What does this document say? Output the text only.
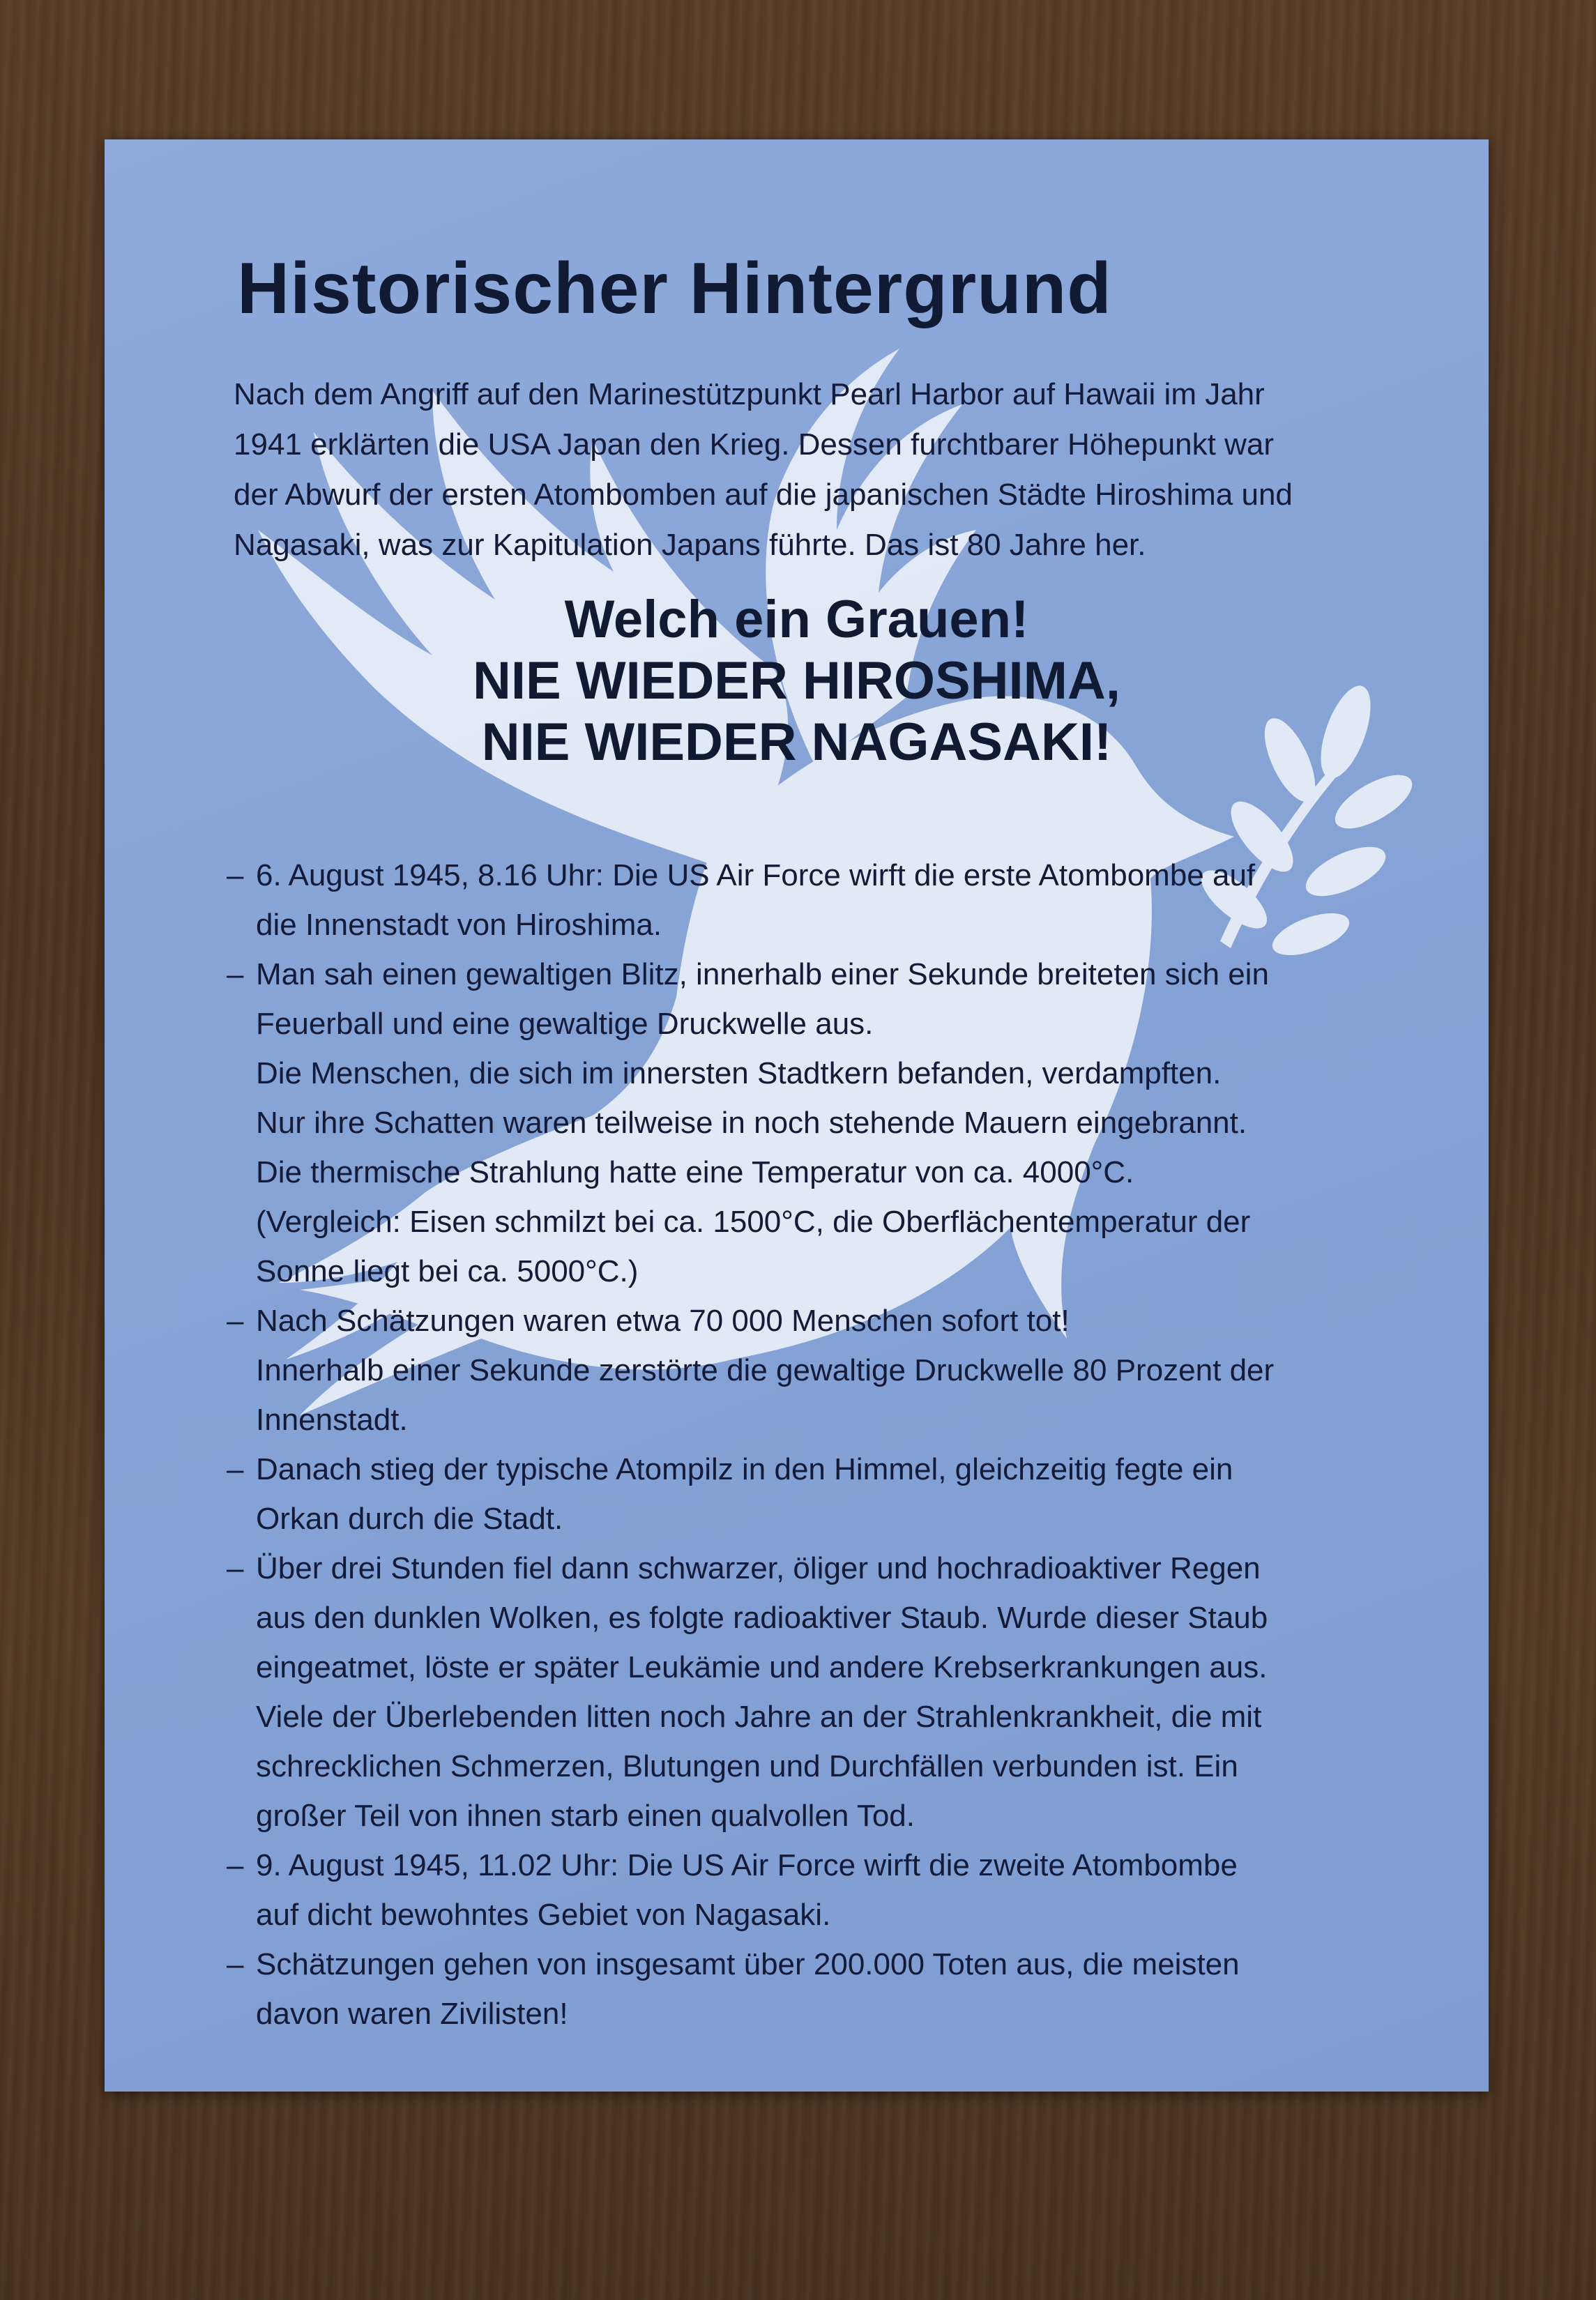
Historischer Hintergrund
Nach dem Angriff auf den Marinestützpunkt Pearl Harbor auf Hawaii im Jahr
1941 erklärten die USA Japan den Krieg. Dessen furchtbarer Höhepunkt war
der Abwurf der ersten Atombomben auf die japanischen Städte Hiroshima und
Nagasaki, was zur Kapitulation Japans führte. Das ist 80 Jahre her.
Welch ein Grauen!
NIE WIEDER HIROSHIMA,
NIE WIEDER NAGASAKI!
– 6. August 1945, 8.16 Uhr: Die US Air Force wirft die erste Atombombe auf
die Innenstadt von Hiroshima.
– Man sah einen gewaltigen Blitz, innerhalb einer Sekunde breiteten sich ein
Feuerball und eine gewaltige Druckwelle aus.
Die Menschen, die sich im innersten Stadtkern befanden, verdampften.
Nur ihre Schatten waren teilweise in noch stehende Mauern eingebrannt.
Die thermische Strahlung hatte eine Temperatur von ca. 4000°C.
(Vergleich: Eisen schmilzt bei ca. 1500°C, die Oberflächentemperatur der
Sonne liegt bei ca. 5000°C.)
– Nach Schätzungen waren etwa 70 000 Menschen sofort tot!
Innerhalb einer Sekunde zerstörte die gewaltige Druckwelle 80 Prozent der
Innenstadt.
– Danach stieg der typische Atompilz in den Himmel, gleichzeitig fegte ein
Orkan durch die Stadt.
– Über drei Stunden fiel dann schwarzer, öliger und hochradioaktiver Regen
aus den dunklen Wolken, es folgte radioaktiver Staub. Wurde dieser Staub
eingeatmet, löste er später Leukämie und andere Krebserkrankungen aus.
Viele der Überlebenden litten noch Jahre an der Strahlenkrankheit, die mit
schrecklichen Schmerzen, Blutungen und Durchfällen verbunden ist. Ein
großer Teil von ihnen starb einen qualvollen Tod.
– 9. August 1945, 11.02 Uhr: Die US Air Force wirft die zweite Atombombe
auf dicht bewohntes Gebiet von Nagasaki.
– Schätzungen gehen von insgesamt über 200.000 Toten aus, die meisten
davon waren Zivilisten!
